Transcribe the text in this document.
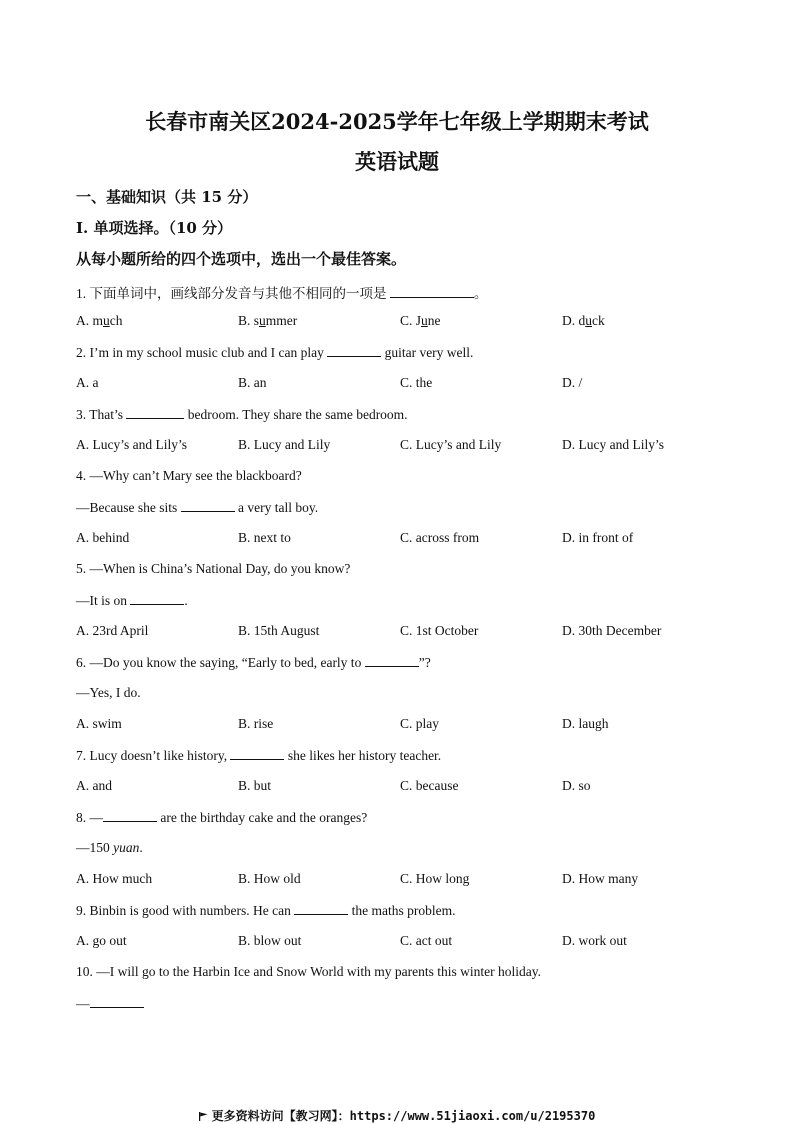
长春市南关区2024-2025学年七年级上学期期末考试
英语试题
一、基础知识（共 15 分）
Ⅰ. 单项选择。（10 分）
从每小题所给的四个选项中，选出一个最佳答案。
1. 下面单词中，画线部分发音与其他不相同的一项是	。
A. much	B. summer	C. June	D. duck
2. I’m in my school music club and I can play	guitar very well.
A. a	B. an	C. the	D. /
3. That’s	bedroom. They share the same bedroom.
A. Lucy’s and Lily’s	B. Lucy and Lily	C. Lucy’s and Lily	D. Lucy and Lily’s
4. —Why can’t Mary see the blackboard?
—Because she sits	a very tall boy.
A. behind	B. next to	C. across from	D. in front of
5. —When is China’s National Day, do you know?
—It is on	.
A. 23rd April	B. 15th August	C. 1st October	D. 30th December
6. —Do you know the saying, “Early to bed, early to	”?
—Yes, I do.
A. swim	B. rise	C. play	D. laugh
7. Lucy doesn’t like history,	she likes her history teacher.
A. and	B. but	C. because	D. so
8. —	are the birthday cake and the oranges?
—150 yuan.
A. How much	B. How old	C. How long	D. How many
9. Binbin is good with numbers. He can	the maths problem.
A. go out	B. blow out	C. act out	D. work out
10. —I will go to the Harbin Ice and Snow World with my parents this winter holiday.
—
更多资料访问【教习网】：https://www.51jiaoxi.com/u/2195370
